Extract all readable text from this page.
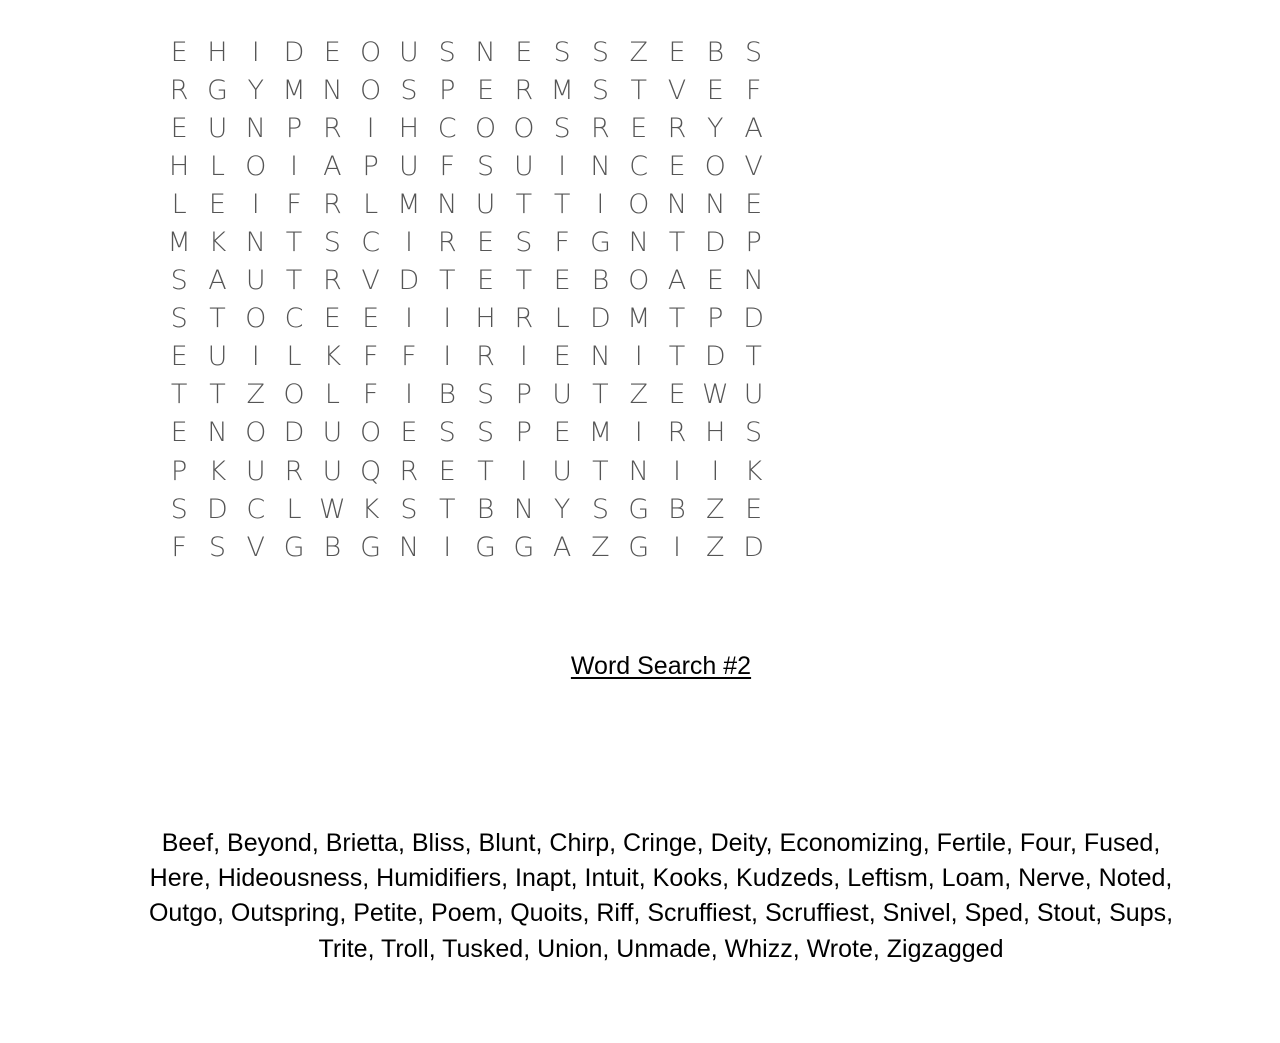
E H I D E O U S N E S S Z E B S
R G Y M N O S P E R M S T V E F
E U N P R I H C O O S R E R Y A
H L O I A P U F S U I N C E O V
L E I F R L M N U T T I O N N E
M K N T S C I R E S F G N T D P
S A U T R V D T E T E B O A E N
S T O C E E I	I H R L D M T P D
E U I L K F F I R I E N I T D T
T T Z O L F I B S P U T Z E W U
E N O D U O E S S P E M I R H S
P K U R U Q R E T I U T N I	I K
S D C L W K S T B N Y S G B Z E
F S V G B G N I G G A Z G I Z D
Word Search #2
Beef, Beyond, Brietta, Bliss, Blunt, Chirp, Cringe, Deity, Economizing, Fertile, Four, Fused, Here, Hideousness, Humidifiers, Inapt, Intuit, Kooks, Kudzeds, Leftism, Loam, Nerve, Noted, Outgo, Outspring, Petite, Poem, Quoits, Riff, Scruffiest, Scruffiest, Snivel, Sped, Stout, Sups, Trite, Troll, Tusked, Union, Unmade, Whizz, Wrote, Zigzagged
